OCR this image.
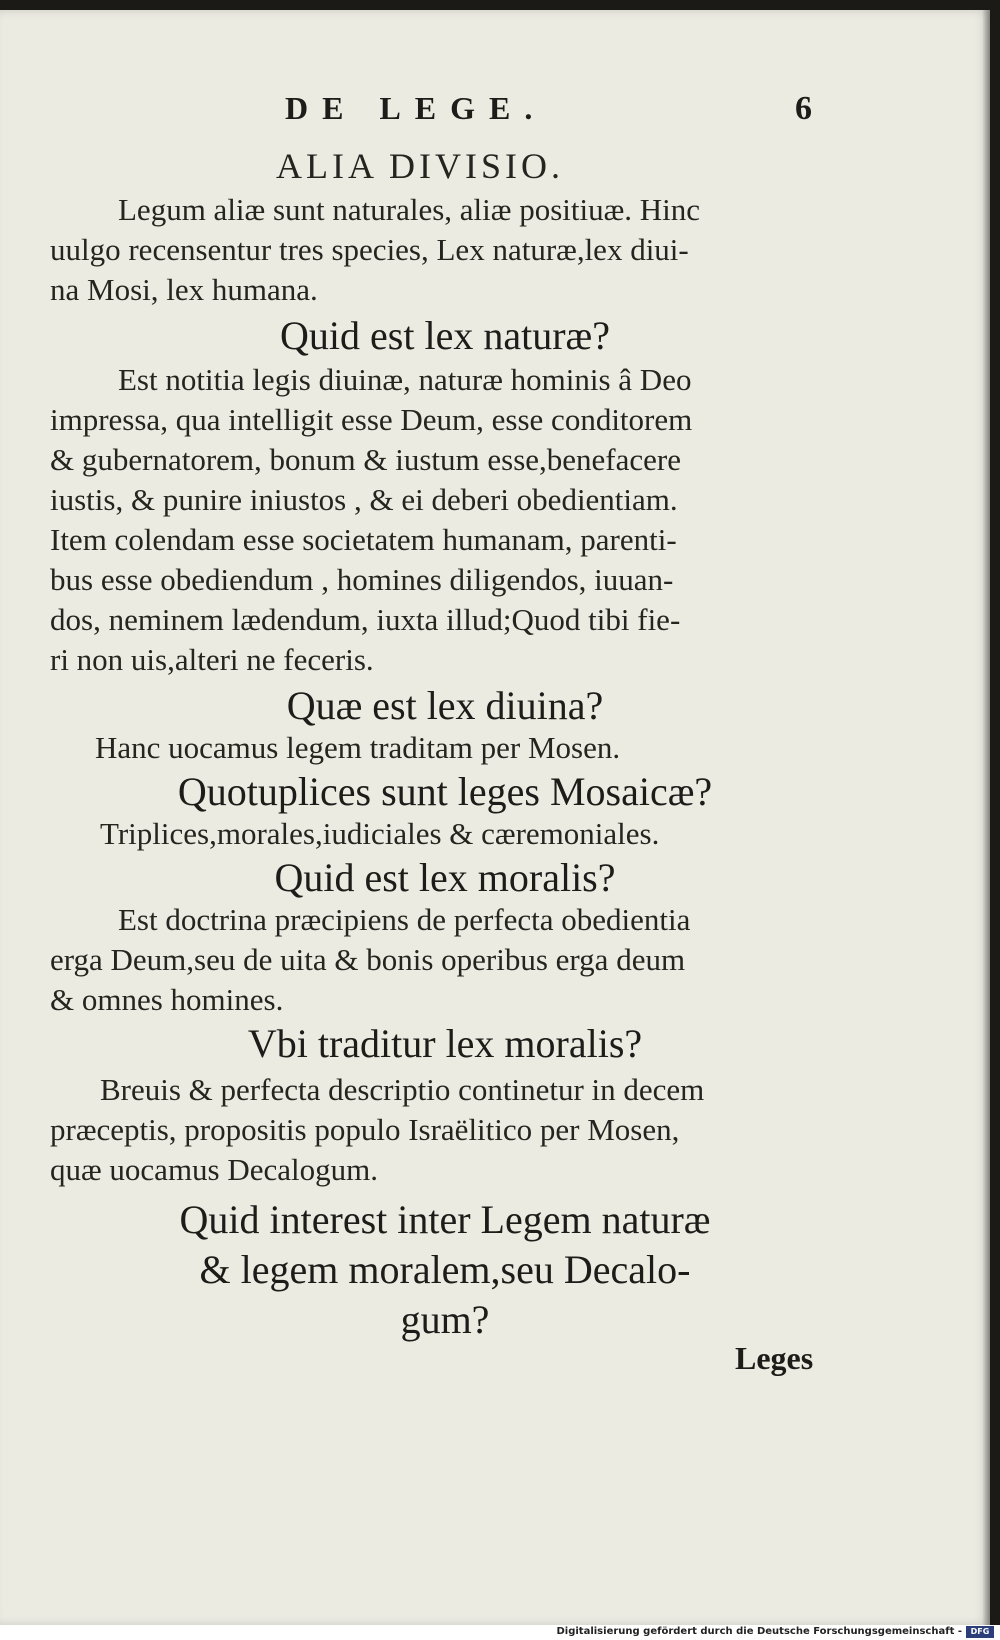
DE LEGE.	6
ALIA DIVISIO.
Legum aliæ sunt naturales, aliæ positiuæ. Hinc
uulgo recensentur tres species, Lex naturæ,lex diui-
na Mosi, lex humana.
Quid est lex naturæ?
Est notitia legis diuinæ, naturæ hominis â Deo
impressa, qua intelligit esse Deum, esse conditorem
& gubernatorem, bonum & iustum esse,benefacere
iustis, & punire iniustos , & ei deberi obedientiam.
Item colendam esse societatem humanam, parenti-
bus esse obediendum , homines diligendos, iuuan-
dos, neminem lædendum, iuxta illud;Quod tibi fie-
ri non uis,alteri ne feceris.
Quæ est lex diuina?
Hanc uocamus legem traditam per Mosen.
Quotuplices sunt leges Mosaicæ?
Triplices,morales,iudiciales & cæremoniales.
Quid est lex moralis?
Est doctrina præcipiens de perfecta obedientia
erga Deum,seu de uita & bonis operibus erga deum
& omnes homines.
Vbi traditur lex moralis?
Breuis & perfecta descriptio continetur in decem
præceptis, propositis populo Israëlitico per Mosen,
quæ uocamus Decalogum.
Quid interest inter Legem naturæ
& legem moralem,seu Decalo-
gum?
Leges
Digitalisierung gefördert durch die Deutsche Forschungsgemeinschaft -	DFG
